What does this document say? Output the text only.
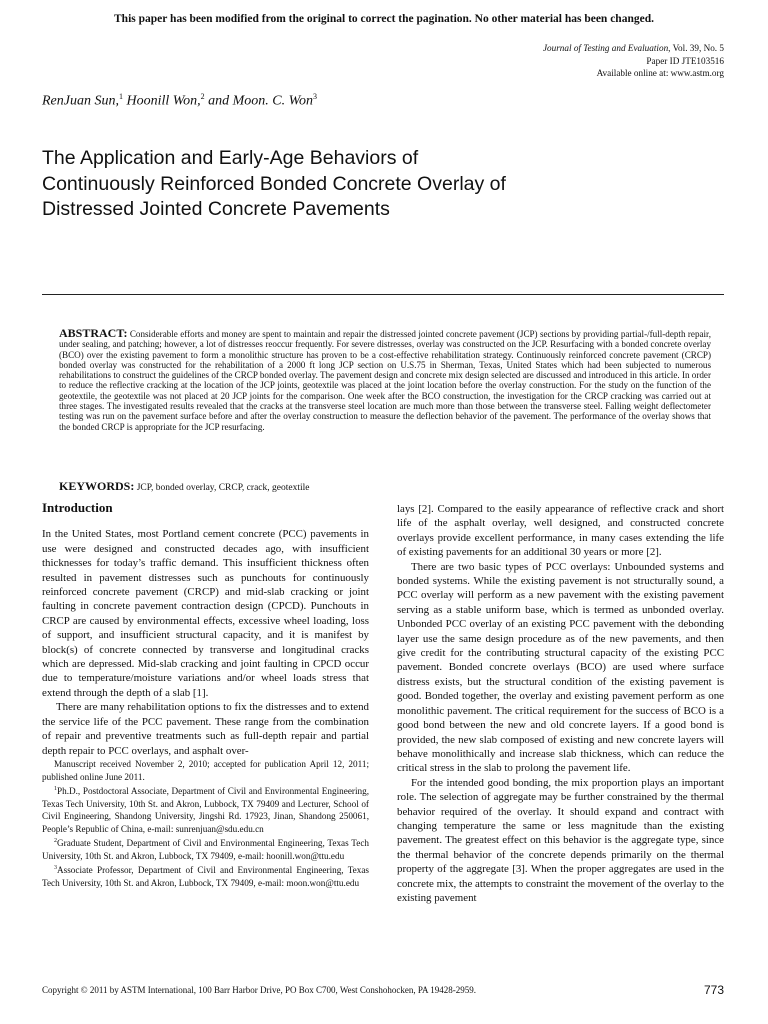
This paper has been modified from the original to correct the pagination. No other material has been changed.
Journal of Testing and Evaluation, Vol. 39, No. 5
Paper ID JTE103516
Available online at: www.astm.org
RenJuan Sun,$^1$ Hoonill Won,$^2$ and Moon. C. Won$^3$
The Application and Early-Age Behaviors of Continuously Reinforced Bonded Concrete Overlay of Distressed Jointed Concrete Pavements
ABSTRACT: Considerable efforts and money are spent to maintain and repair the distressed jointed concrete pavement (JCP) sections by providing partial-/full-depth repair, under sealing, and patching; however, a lot of distresses reoccur frequently. For severe distresses, overlay was constructed on the JCP. Resurfacing with a bonded concrete overlay (BCO) over the existing pavement to form a monolithic structure has proven to be a cost-effective rehabilitation strategy. Continuously reinforced concrete pavement (CRCP) bonded overlay was constructed for the rehabilitation of a 2000 ft long JCP section on U.S.75 in Sherman, Texas, United States which had been subjected to numerous rehabilitations to construct the guidelines of the CRCP bonded overlay. The pavement design and concrete mix design selected are discussed and introduced in this article. In order to reduce the reflective cracking at the location of the JCP joints, geotextile was placed at the joint location before the overlay construction. For the study on the function of the geotextile, the geotextile was not placed at 20 JCP joints for the comparison. One week after the BCO construction, the investigation for the CRCP cracking was carried out at three stages. The investigated results revealed that the cracks at the transverse steel location are much more than those between the transverse steel. Falling weight deflectometer testing was run on the pavement surface before and after the overlay construction to measure the deflection behavior of the pavement. The performance of the overlay shows that the bonded CRCP is appropriate for the JCP resurfacing.
KEYWORDS: JCP, bonded overlay, CRCP, crack, geotextile
Introduction

In the United States, most Portland cement concrete (PCC) pavements in use were designed and constructed decades ago, with insufficient thicknesses for today’s traffic demand. This insufficient thickness often resulted in pavement distresses such as punchouts for continuously reinforced concrete pavement (CRCP) and mid-slab cracking or joint faulting in concrete pavement contraction design (CPCD). Punchouts in CRCP are caused by environmental effects, excessive wheel loading, loss of support, and insufficient structural capacity, and it is manifest by block(s) of concrete connected by transverse and longitudinal cracks which are depressed. Mid-slab cracking and joint faulting in CPCD occur due to temperature/moisture variations and/or wheel loads stress that extend through the depth of a slab [1].

There are many rehabilitation options to fix the distresses and to extend the service life of the PCC pavement. These range from the combination of repair and preventive treatments such as full-depth repair and partial depth repair to PCC overlays, and asphalt over-

lays [2]. Compared to the easily appearance of reflective crack and short life of the asphalt overlay, well designed, and constructed concrete overlays provide excellent performance, in many cases extending the life of existing pavements for an additional 30 years or more [2].

There are two basic types of PCC overlays: Unbounded systems and bonded systems. While the existing pavement is not structurally sound, a PCC overlay will perform as a new pavement with the existing pavement serving as a stable uniform base, which is termed as unbonded overlay. Unbonded PCC overlay of an existing PCC pavement with the debonding layer use the same design procedure as of the new pavements, and then give credit for the contributing structural capacity of the existing PCC pavement. Bonded concrete overlays (BCO) are used where surface distress exists, but the structural condition of the existing pavement is good. Bonded together, the overlay and existing pavement perform as one monolithic pavement. The critical requirement for the success of BCO is a good bond between the new and old concrete layers. If a good bond is provided, the new slab composed of existing and new concrete layers will behave monolithically and increase slab thickness, which can reduce the critical stress in the slab to prolong the pavement life.

For the intended good bonding, the mix proportion plays an important role. The selection of aggregate may be further constrained by the thermal behavior required of the overlay. It should expand and contract with changing temperature the same or less magnitude than the existing pavement. The greatest effect on this behavior is the aggregate type, since the thermal behavior of the concrete depends primarily on the thermal property of the aggregate [3]. When the proper aggregates are used in the concrete mix, the attempts to constraint the movement of the overlay to the existing pavement

Manuscript received November 2, 2010; accepted for publication April 12, 2011; published online June 2011.

$^1$Ph.D., Postdoctoral Associate, Department of Civil and Environmental Engineering, Texas Tech University, 10th St. and Akron, Lubbock, TX 79409 and Lecturer, School of Civil Engineering, Shandong University, Jingshi Rd. 17923, Jinan, Shandong 250061, People’s Republic of China, e-mail: sunrenjuan@sdu.edu.cn

$^2$Graduate Student, Department of Civil and Environmental Engineering, Texas Tech University, 10th St. and Akron, Lubbock, TX 79409, e-mail: hoonill.won@ttu.edu

$^3$Associate Professor, Department of Civil and Environmental Engineering, Texas Tech University, 10th St. and Akron, Lubbock, TX 79409, e-mail: moon.won@ttu.edu

Copyright © 2011 by ASTM International, 100 Barr Harbor Drive, PO Box C700, West Conshohocken, PA 19428-2959.	773
